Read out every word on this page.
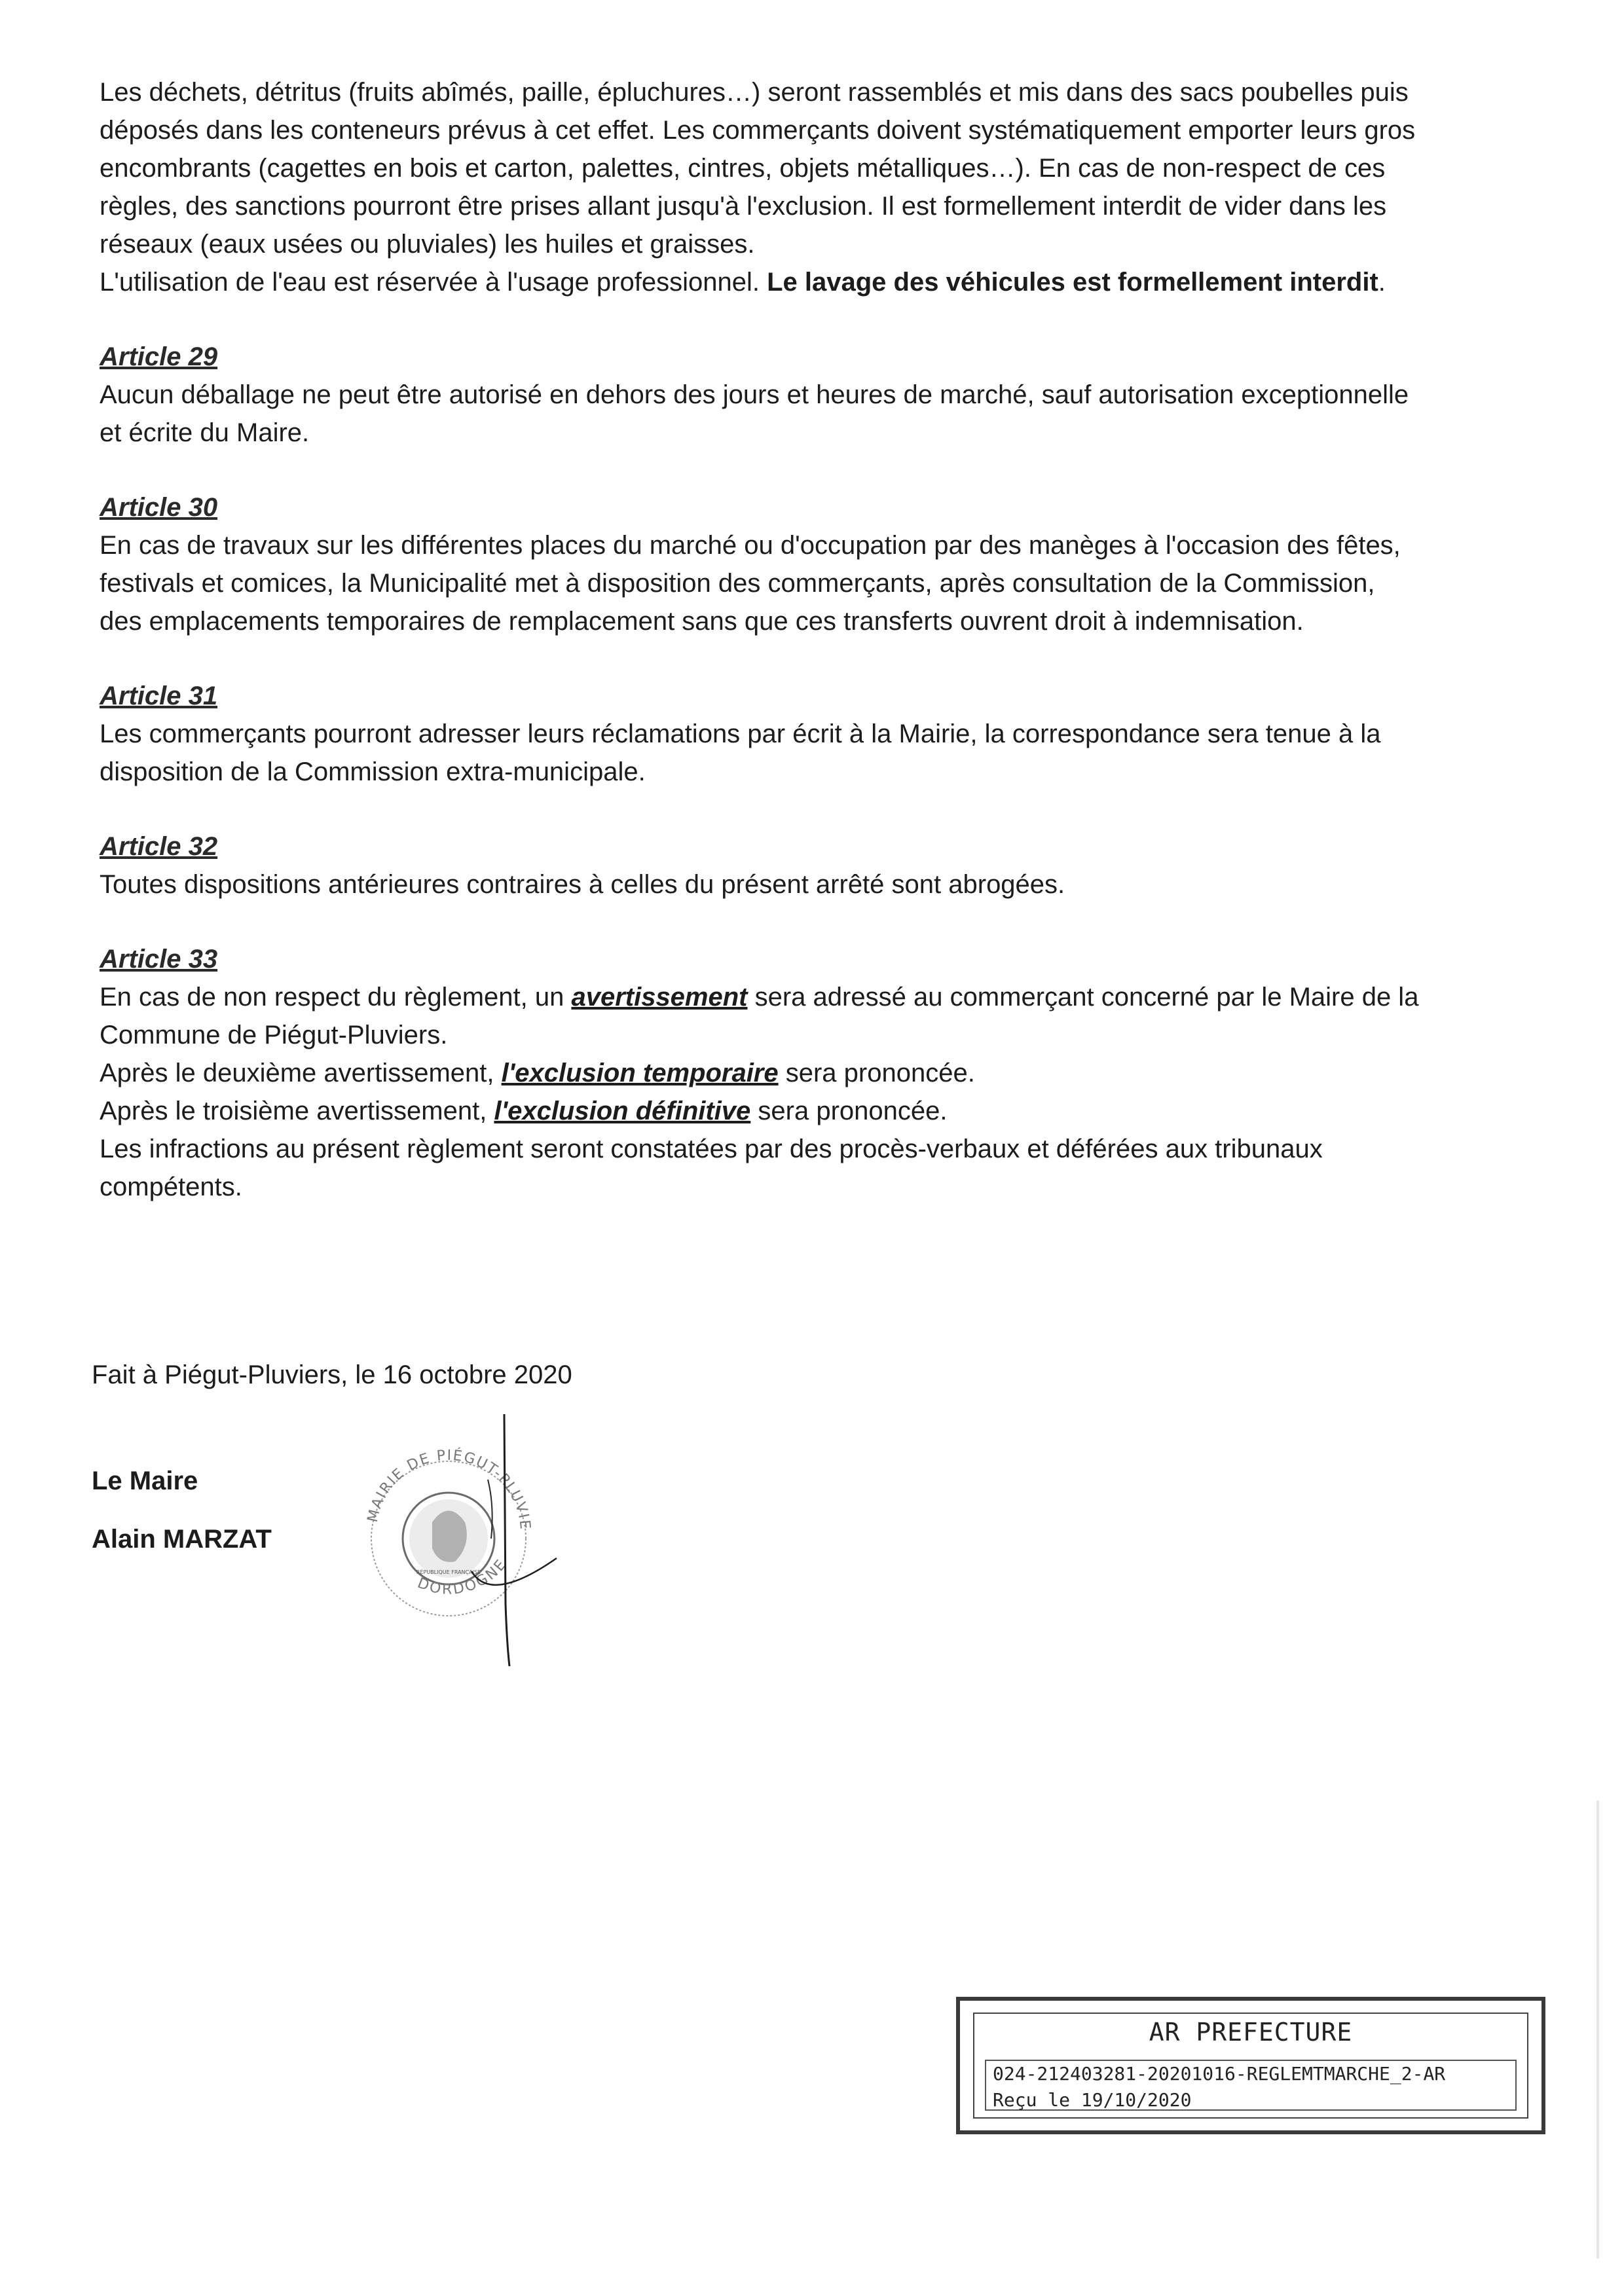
Les déchets, détritus (fruits abîmés, paille, épluchures…) seront rassemblés et mis dans des sacs poubelles puis déposés dans les conteneurs prévus à cet effet. Les commerçants doivent systématiquement emporter leurs gros encombrants (cagettes en bois et carton, palettes, cintres, objets métalliques…). En cas de non-respect de ces règles, des sanctions pourront être prises allant jusqu'à l'exclusion. Il est formellement interdit de vider dans les réseaux (eaux usées ou pluviales) les huiles et graisses.

L'utilisation de l'eau est réservée à l'usage professionnel. Le lavage des véhicules est formellement interdit.

Article 29

Aucun déballage ne peut être autorisé en dehors des jours et heures de marché, sauf autorisation exceptionnelle et écrite du Maire.

Article 30

En cas de travaux sur les différentes places du marché ou d'occupation par des manèges à l'occasion des fêtes, festivals et comices, la Municipalité met à disposition des commerçants, après consultation de la Commission, des emplacements temporaires de remplacement sans que ces transferts ouvrent droit à indemnisation.

Article 31

Les commerçants pourront adresser leurs réclamations par écrit à la Mairie, la correspondance sera tenue à la disposition de la Commission extra-municipale.

Article 32

Toutes dispositions antérieures contraires à celles du présent arrêté sont abrogées.

Article 33

En cas de non respect du règlement, un avertissement sera adressé au commerçant concerné par le Maire de la Commune de Piégut-Pluviers.

Après le deuxième avertissement, l'exclusion temporaire sera prononcée.

Après le troisième avertissement, l'exclusion définitive sera prononcée.

Les infractions au présent règlement seront constatées par des procès-verbaux et déférées aux tribunaux compétents.

Fait à Piégut-Pluviers, le 16 octobre 2020
Le Maire
Alain MARZAT
MAIRIE DE PIÉGUT-PLUVIE
DORDOGNE
RÉPUBLIQUE FRANÇAISE
AR PREFECTURE
024-212403281-20201016-REGLEMTMARCHE_2-AR
Reçu le 19/10/2020
